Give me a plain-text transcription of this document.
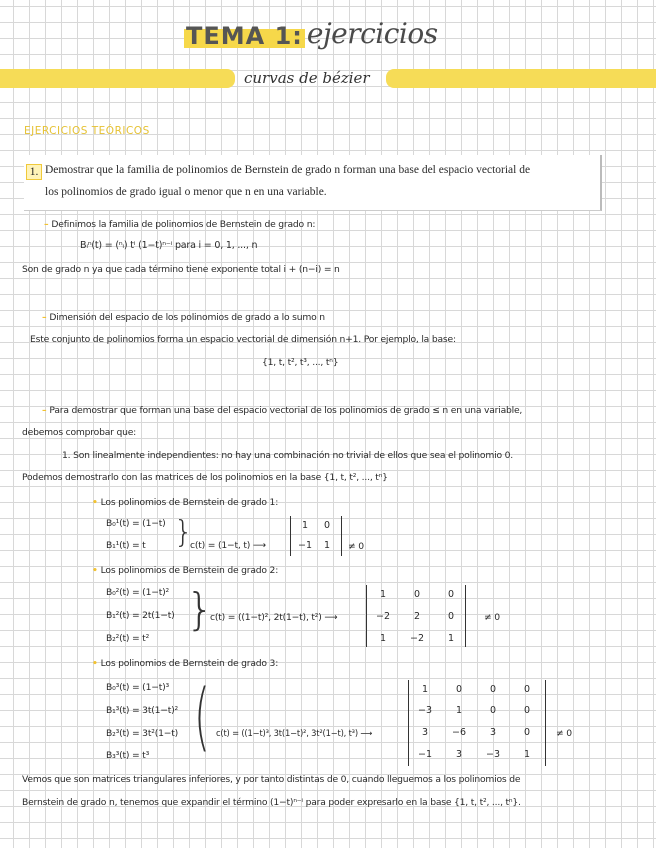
TEMA 1: ejercicios
curvas de bézier
EJERCICIOS TEÓRICOS
1. Demostrar que la familia de polinomios de Bernstein de grado n forman una base del espacio vectorial de
los polinomios de grado igual o menor que n en una variable.
– Definimos la familia de polinomios de Bernstein de grado n:
Bᵢⁿ(t) = (ⁿᵢ) tⁱ (1−t)ⁿ⁻ⁱ para i = 0, 1, ..., n
Son de grado n ya que cada término tiene exponente total i + (n−i) = n
– Dimensión del espacio de los polinomios de grado a lo sumo n
Este conjunto de polinomios forma un espacio vectorial de dimensión n+1. Por ejemplo, la base:
{1, t, t², t³, ..., tⁿ}
– Para demostrar que forman una base del espacio vectorial de los polinomios de grado ≤ n en una variable,
debemos comprobar que:
1. Son linealmente independientes: no hay una combinación no trivial de ellos que sea el polinomio 0.
Podemos demostrarlo con las matrices de los polinomios en la base {1, t, t², ..., tⁿ}
• Los polinomios de Bernstein de grado 1:
B₀¹(t) = (1−t)
B₁¹(t) = t }
c(t) = (1−t, t) ⟶
1	0
−1	1	≠ 0
• Los polinomios de Bernstein de grado 2:
B₀²(t) = (1−t)²
B₁²(t) = 2t(1−t)
B₂²(t) = t²
}
c(t) = ((1−t)², 2t(1−t), t²) ⟶
1	0	0
−2	2	0
1	−2	1
≠ 0
• Los polinomios de Bernstein de grado 3:
B₀³(t) = (1−t)³
B₁³(t) = 3t(1−t)²
B₂³(t) = 3t²(1−t)
B₃³(t) = t³ ( c(t) = ((1−t)³, 3t(1−t)², 3t²(1−t), t³) ⟶
1	0	0	0
−3	1	0	0
3	−6	3	0
−1	3	−3	1
≠ 0
Vemos que son matrices triangulares inferiores, y por tanto distintas de 0, cuando lleguemos a los polinomios de
Bernstein de grado n, tenemos que expandir el término (1−t)ⁿ⁻ⁱ para poder expresarlo en la base {1, t, t², ..., tⁿ}.
